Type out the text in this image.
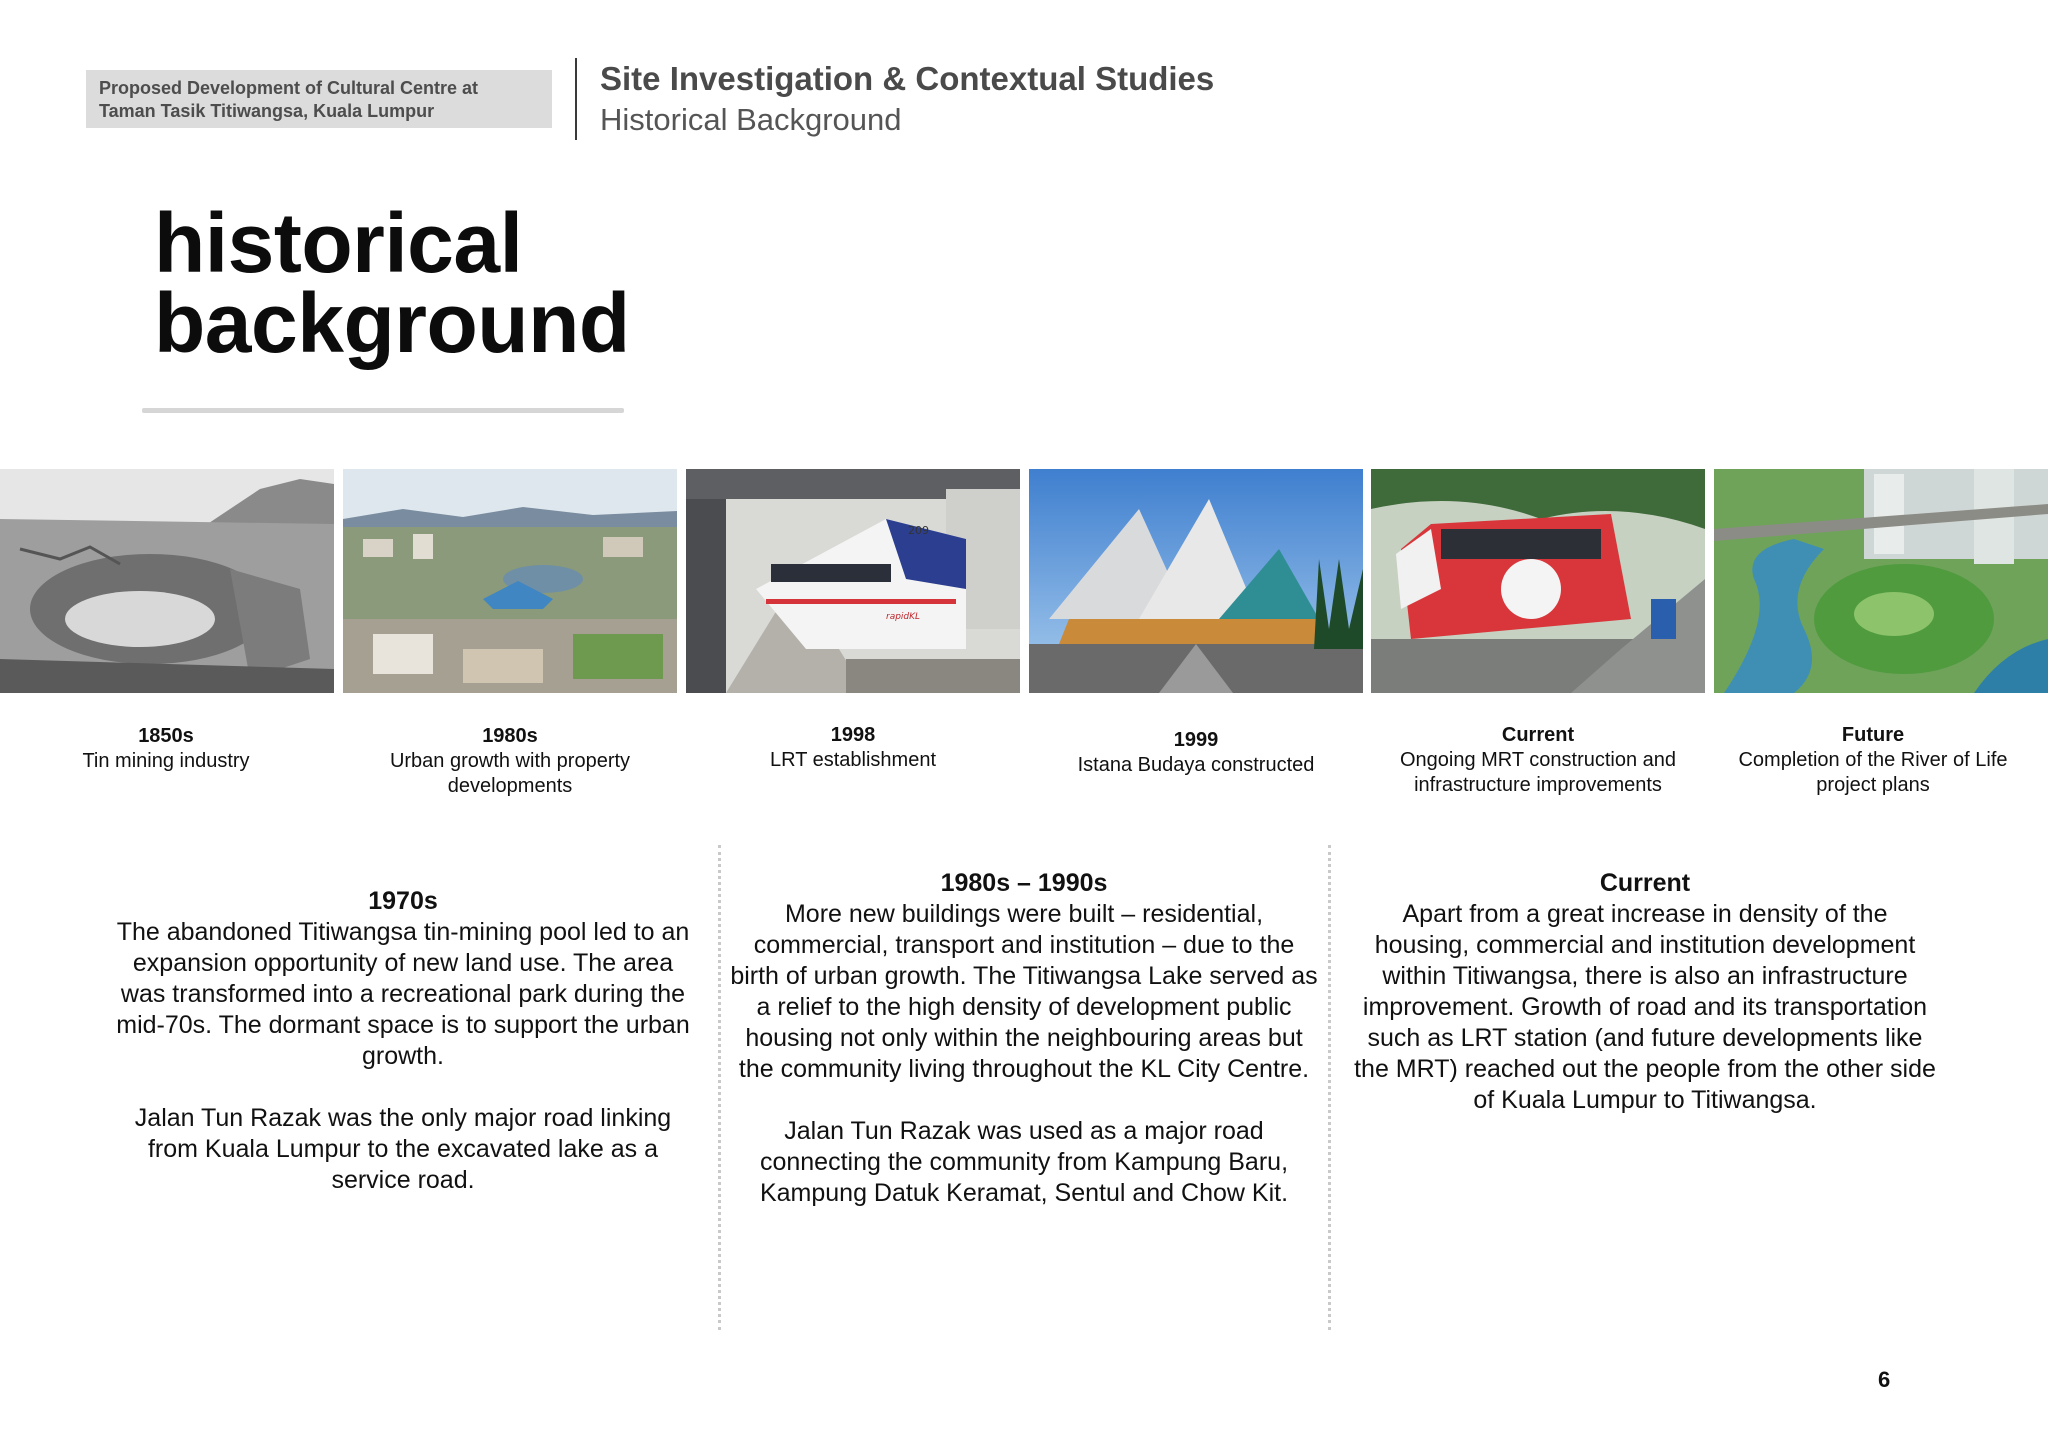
Proposed Development of Cultural Centre at
Taman Tasik Titiwangsa, Kuala Lumpur
Site Investigation & Contextual Studies
Historical Background
historical
background
209
rapidKL
1850s
Tin mining industry
1980s
Urban growth with property developments
1998
LRT establishment
1999
Istana Budaya constructed
Current
Ongoing MRT construction and infrastructure improvements
Future
Completion of the River of Life project plans
1970s

The abandoned Titiwangsa tin-mining pool led to an expansion opportunity of new land use. The area was transformed into a recreational park during the mid-70s. The dormant space is to support the urban growth.

Jalan Tun Razak was the only major road linking from Kuala Lumpur to the excavated lake as a service road.

1980s – 1990s

More new buildings were built – residential, commercial, transport and institution – due to the birth of urban growth. The Titiwangsa Lake served as a relief to the high density of development public housing not only within the neighbouring areas but the community living throughout the KL City Centre.

Jalan Tun Razak was used as a major road connecting the community from Kampung Baru, Kampung Datuk Keramat, Sentul and Chow Kit.

Current

Apart from a great increase in density of the housing, commercial and institution development within Titiwangsa, there is also an infrastructure improvement. Growth of road and its transportation such as LRT station (and future developments like the MRT) reached out the people from the other side of Kuala Lumpur to Titiwangsa.

6
